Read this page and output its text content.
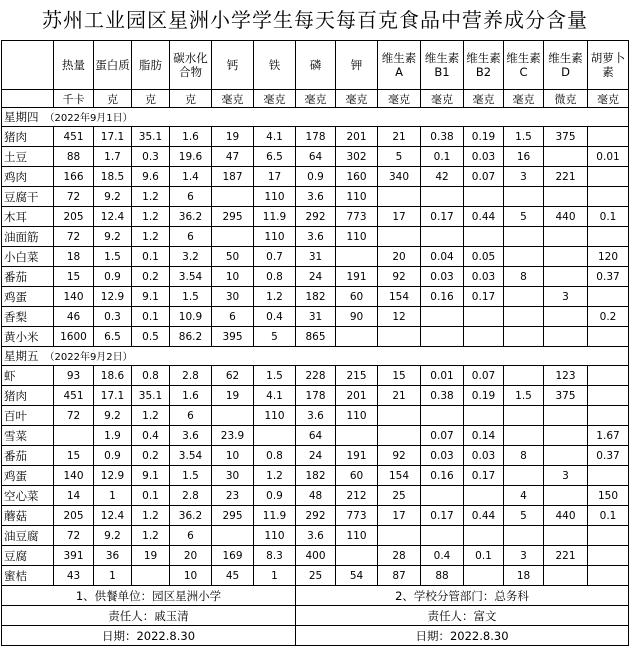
苏州工业园区星洲小学学生每天每百克食品中营养成分含量
	热量	蛋白质	脂肪	碳水化合物	钙	铁	磷	钾	维生素A	维生素B1	维生素B2	维生素C	维生素D	胡萝卜素
	千卡	克	克	克	毫克	毫克	毫克	毫克	毫克	毫克	毫克	毫克	微克	毫克
星期四 （2022年9月1日）														
猪肉	451	17.1	35.1	1.6	19	4.1	178	201	21	0.38	0.19	1.5	375	
土豆	88	1.7	0.3	19.6	47	6.5	64	302	5	0.1	0.03	16		0.01
鸡肉	166	18.5	9.6	1.4	187	17	0.9	160	340	42	0.07	3	221	
豆腐干	72	9.2	1.2	6		110	3.6	110						
木耳	205	12.4	1.2	36.2	295	11.9	292	773	17	0.17	0.44	5	440	0.1
油面筋	72	9.2	1.2	6		110	3.6	110						
小白菜	18	1.5	0.1	3.2	50	0.7	31		20	0.04	0.05			120
番茄	15	0.9	0.2	3.54	10	0.8	24	191	92	0.03	0.03	8		0.37
鸡蛋	140	12.9	9.1	1.5	30	1.2	182	60	154	0.16	0.17		3	
香梨	46	0.3	0.1	10.9	6	0.4	31	90	12					0.2
黄小米	1600	6.5	0.5	86.2	395	5	865							
星期五 （2022年9月2日）														
虾	93	18.6	0.8	2.8	62	1.5	228	215	15	0.01	0.07		123	
猪肉	451	17.1	35.1	1.6	19	4.1	178	201	21	0.38	0.19	1.5	375	
百叶	72	9.2	1.2	6		110	3.6	110						
雪菜		1.9	0.4	3.6	23.9		64			0.07	0.14			1.67
番茄	15	0.9	0.2	3.54	10	0.8	24	191	92	0.03	0.03	8		0.37
鸡蛋	140	12.9	9.1	1.5	30	1.2	182	60	154	0.16	0.17		3	
空心菜	14	1	0.1	2.8	23	0.9	48	212	25			4		150
蘑菇	205	12.4	1.2	36.2	295	11.9	292	773	17	0.17	0.44	5	440	0.1
油豆腐	72	9.2	1.2	6		110	3.6	110						
豆腐	391	36	19	20	169	8.3	400		28	0.4	0.1	3	221	
蜜桔	43	1		10	45	1	25	54	87	88		18		
1、供餐单位：园区星洲小学							2、学校分管部门：总务科							
责任人：戚玉清							责任人：富文							
日期：2022.8.30							日期：2022.8.30							
